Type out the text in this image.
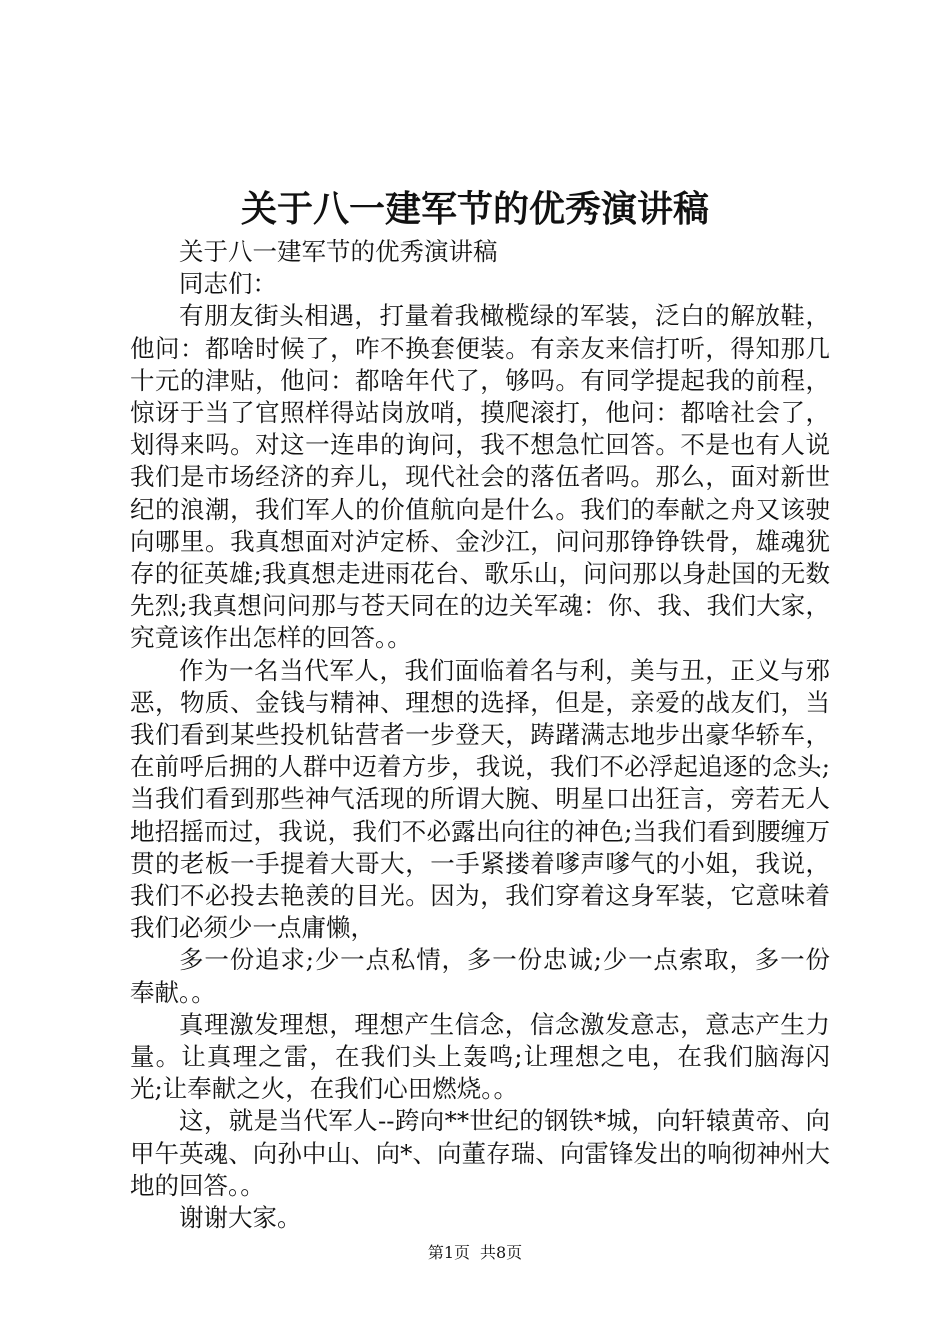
关于八一建军节的优秀演讲稿

关于八一建军节的优秀演讲稿

同志们：

有朋友街头相遇，打量着我橄榄绿的军装，泛白的解放鞋，他问：都啥时候了，咋不换套便装。有亲友来信打听，得知那几十元的津贴，他问：都啥年代了，够吗。有同学提起我的前程，惊讶于当了官照样得站岗放哨，摸爬滚打，他问：都啥社会了，划得来吗。对这一连串的询问，我不想急忙回答。不是也有人说我们是市场经济的弃儿，现代社会的落伍者吗。那么，面对新世纪的浪潮，我们军人的价值航向是什么。我们的奉献之舟又该驶向哪里。我真想面对泸定桥、金沙江，问问那铮铮铁骨，雄魂犹存的征英雄;我真想走进雨花台、歌乐山，问问那以身赴国的无数先烈;我真想问问那与苍天同在的边关军魂：你、我、我们大家，究竟该作出怎样的回答。。

作为一名当代军人，我们面临着名与利，美与丑，正义与邪恶，物质、金钱与精神、理想的选择，但是，亲爱的战友们，当我们看到某些投机钻营者一步登天，踌躇满志地步出豪华轿车，在前呼后拥的人群中迈着方步，我说，我们不必浮起追逐的念头;当我们看到那些神气活现的所谓大腕、明星口出狂言，旁若无人地招摇而过，我说，我们不必露出向往的神色;当我们看到腰缠万贯的老板一手提着大哥大，一手紧搂着嗲声嗲气的小姐，我说，我们不必投去艳羡的目光。因为，我们穿着这身军装，它意味着我们必须少一点庸懒，

多一份追求;少一点私情，多一份忠诚;少一点索取，多一份奉献。。

真理激发理想，理想产生信念，信念激发意志，意志产生力量。让真理之雷，在我们头上轰鸣;让理想之电，在我们脑海闪光;让奉献之火，在我们心田燃烧。。

这，就是当代军人--跨向**世纪的钢铁*城，向轩辕黄帝、向甲午英魂、向孙中山、向*、向董存瑞、向雷锋发出的响彻神州大地的回答。。

谢谢大家。

第1页 共8页
